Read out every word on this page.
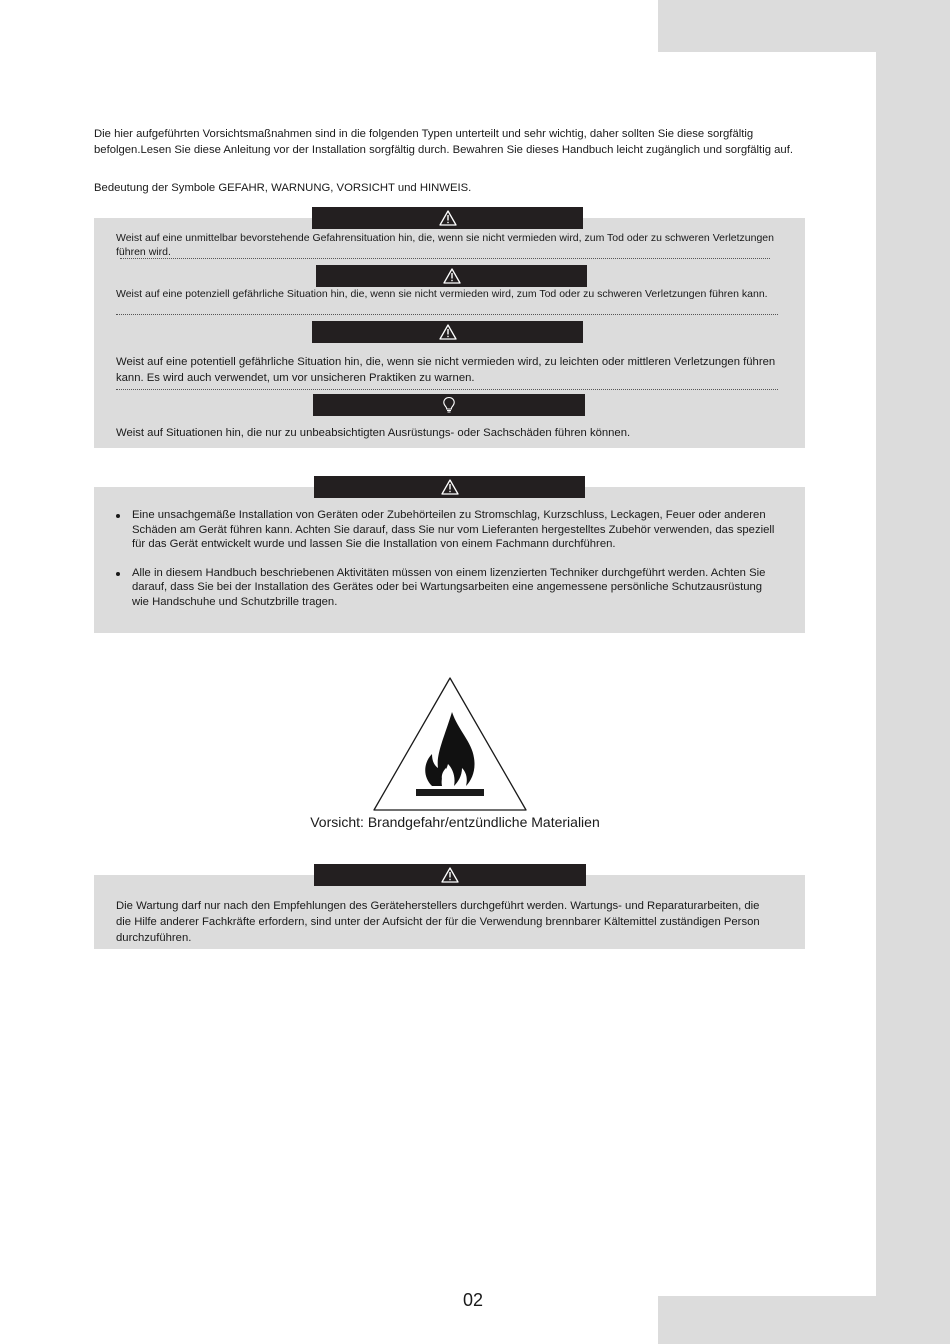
Die hier aufgeführten Vorsichtsmaßnahmen sind in die folgenden Typen unterteilt und sehr wichtig, daher sollten Sie diese sorgfältig befolgen.Lesen Sie diese Anleitung vor der Installation sorgfältig durch. Bewahren Sie dieses Handbuch leicht zugänglich und sorgfältig auf.

Bedeutung der Symbole GEFAHR, WARNUNG, VORSICHT und HINWEIS.

Weist auf eine unmittelbar bevorstehende Gefahrensituation hin, die, wenn sie nicht vermieden wird, zum Tod oder zu schweren Verletzungen führen wird.

Weist auf eine potenziell gefährliche Situation hin, die, wenn sie nicht vermieden wird, zum Tod oder zu schweren Verletzungen führen kann.

Weist auf eine potentiell gefährliche Situation hin, die, wenn sie nicht vermieden wird, zu leichten oder mittleren Verletzungen führen kann. Es wird auch verwendet, um vor unsicheren Praktiken zu warnen.

Weist auf Situationen hin, die nur zu unbeabsichtigten Ausrüstungs- oder Sachschäden führen können.

Eine unsachgemäße Installation von Geräten oder Zubehörteilen zu Stromschlag, Kurzschluss, Leckagen, Feuer oder anderen Schäden am Gerät führen kann. Achten Sie darauf, dass Sie nur vom Lieferanten hergestelltes Zubehör verwenden, das speziell für das Gerät entwickelt wurde und lassen Sie die Installation von einem Fachmann durchführen.
Alle in diesem Handbuch beschriebenen Aktivitäten müssen von einem lizenzierten Techniker durchgeführt werden. Achten Sie darauf, dass Sie bei der Installation des Gerätes oder bei Wartungsarbeiten eine angemessene persönliche Schutzausrüstung wie Handschuhe und Schutzbrille tragen.

Vorsicht: Brandgefahr/entzündliche Materialien

Die Wartung darf nur nach den Empfehlungen des Geräteherstellers durchgeführt werden. Wartungs- und Reparaturarbeiten, die die Hilfe anderer Fachkräfte erfordern, sind unter der Aufsicht der für die Verwendung brennbarer Kältemittel zuständigen Person durchzuführen.

02
